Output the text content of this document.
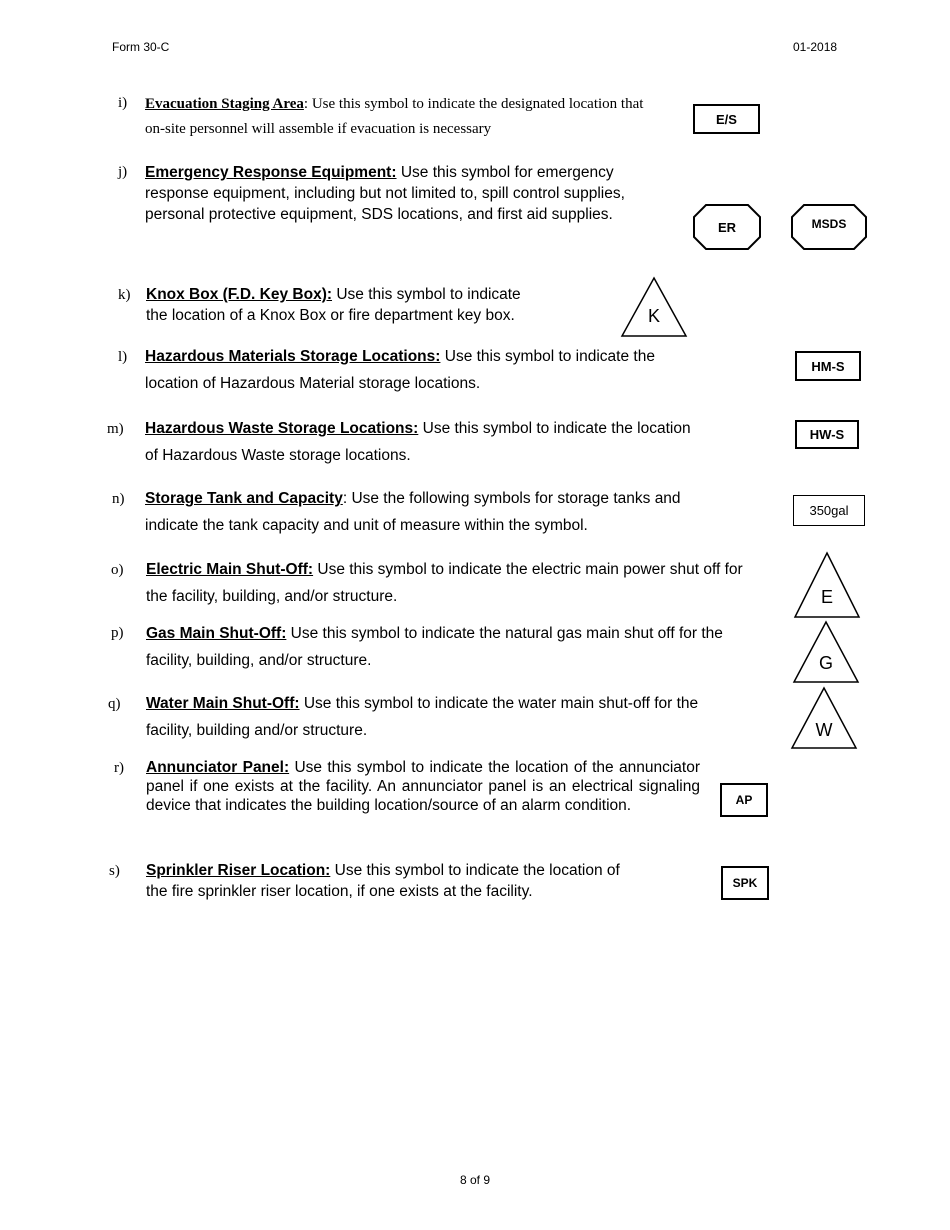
Form 30-C	01-2018
i) Evacuation Staging Area: Use this symbol to indicate the designated location that on-site personnel will assemble if evacuation is necessary
E/S
j) Emergency Response Equipment: Use this symbol for emergency response equipment, including but not limited to, spill control supplies, personal protective equipment, SDS locations, and first aid supplies.
ER	MSDS
k) Knox Box (F.D. Key Box): Use this symbol to indicate the location of a Knox Box or fire department key box.	K
l) Hazardous Materials Storage Locations: Use this symbol to indicate the location of Hazardous Material storage locations.
HM-S
m) Hazardous Waste Storage Locations: Use this symbol to indicate the location of Hazardous Waste storage locations.
HW-S
n) Storage Tank and Capacity: Use the following symbols for storage tanks and indicate the tank capacity and unit of measure within the symbol.
350gal
o) Electric Main Shut-Off: Use this symbol to indicate the electric main power shut off for the facility, building, and/or structure.	E
p) Gas Main Shut-Off: Use this symbol to indicate the natural gas main shut off for the facility, building, and/or structure.	G
q) Water Main Shut-Off: Use this symbol to indicate the water main shut-off for the facility, building and/or structure.	W
r) Annunciator Panel: Use this symbol to indicate the location of the annunciator panel if one exists at the facility. An annunciator panel is an electrical signaling device that indicates the building location/source of an alarm condition.	AP
s) Sprinkler Riser Location: Use this symbol to indicate the location of the fire sprinkler riser location, if one exists at the facility.	SPK
8 of 9
